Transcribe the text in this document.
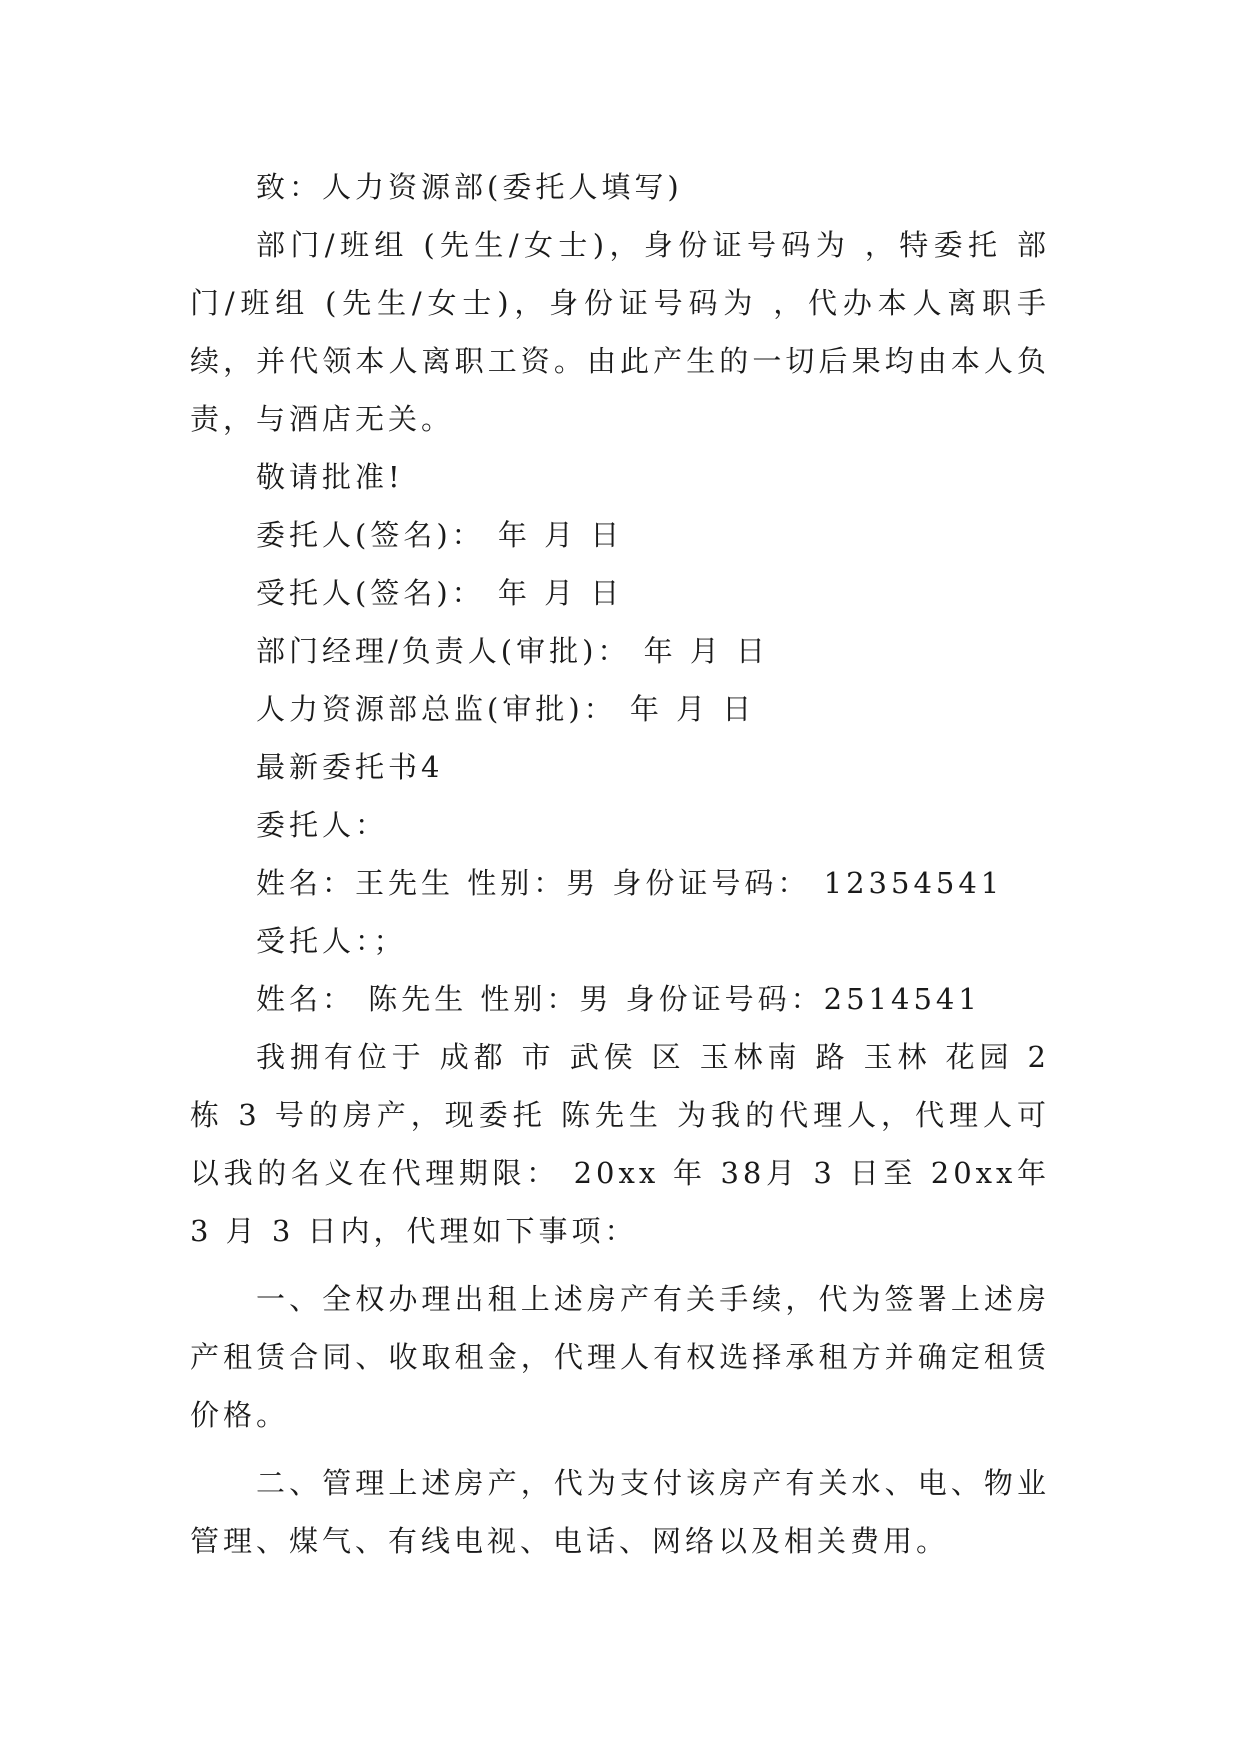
致：人力资源部(委托人填写)

部门/班组 (先生/女士)，身份证号码为 ，特委托 部门/班组 (先生/女士)，身份证号码为 ，代办本人离职手续，并代领本人离职工资。由此产生的一切后果均由本人负责，与酒店无关。

敬请批准!

委托人(签名)： 年 月 日

受托人(签名)： 年 月 日

部门经理/负责人(审批)： 年 月 日

人力资源部总监(审批)： 年 月 日

最新委托书4

委托人：

姓名：王先生 性别：男 身份证号码： 12354541

受托人：；

姓名： 陈先生 性别：男 身份证号码：2514541

我拥有位于 成都 市 武侯 区 玉林南 路 玉林 花园 2栋 3 号的房产，现委托 陈先生 为我的代理人，代理人可以我的名义在代理期限： 20xx 年 38月 3 日至 20xx年 3 月 3 日内，代理如下事项：

一、全权办理出租上述房产有关手续，代为签署上述房产租赁合同、收取租金，代理人有权选择承租方并确定租赁价格。

二、管理上述房产，代为支付该房产有关水、电、物业管理、煤气、有线电视、电话、网络以及相关费用。
